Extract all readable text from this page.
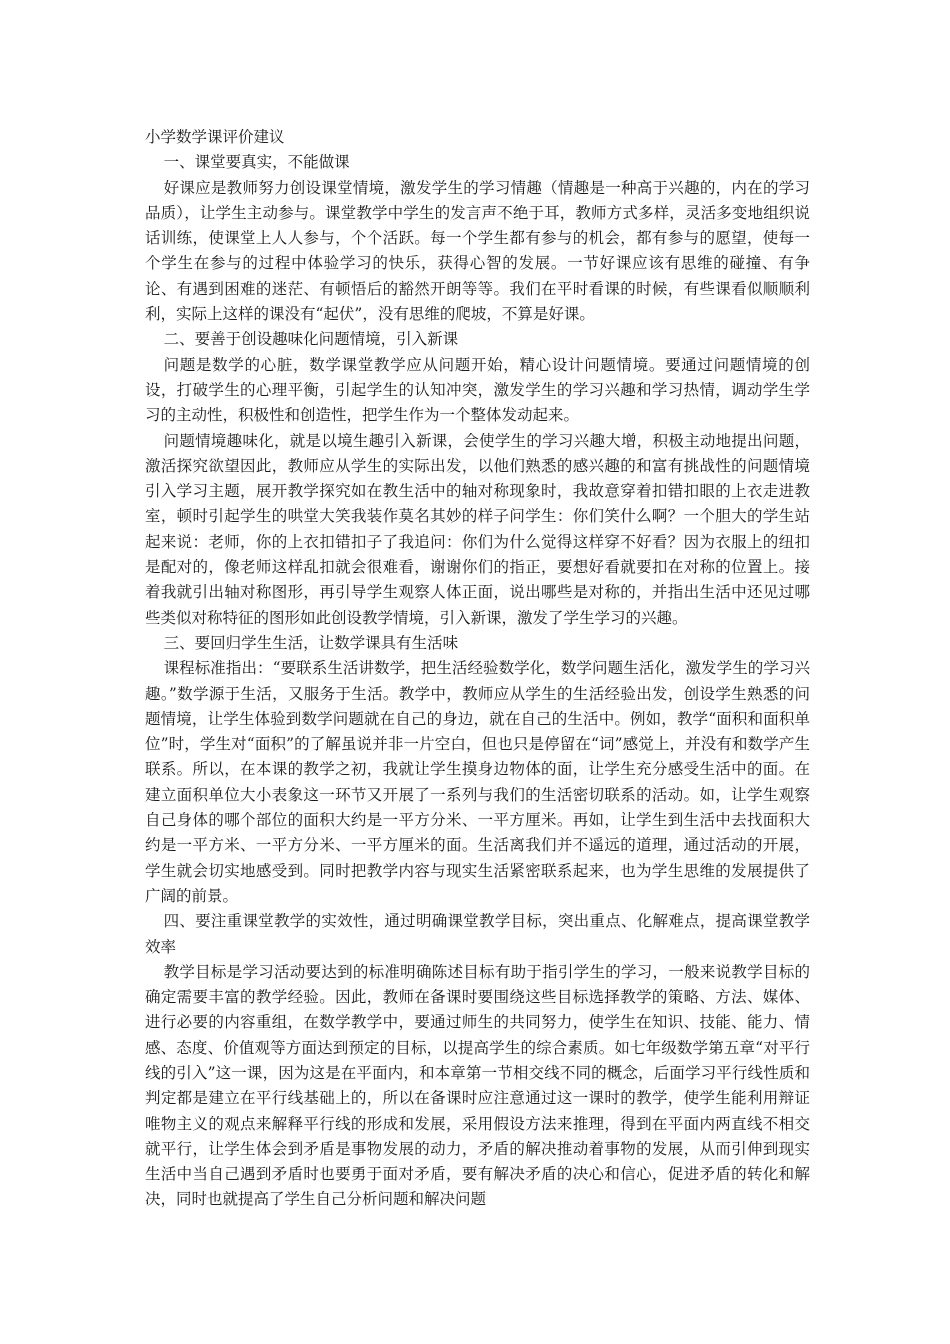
小学数学课评价建议

一、课堂要真实，不能做课

好课应是教师努力创设课堂情境，激发学生的学习情趣（情趣是一种高于兴趣的，内在的学习品质），让学生主动参与。课堂教学中学生的发言声不绝于耳，教师方式多样，灵活多变地组织说话训练，使课堂上人人参与，个个活跃。每一个学生都有参与的机会，都有参与的愿望，使每一个学生在参与的过程中体验学习的快乐，获得心智的发展。一节好课应该有思维的碰撞、有争论、有遇到困难的迷茫、有顿悟后的豁然开朗等等。我们在平时看课的时候，有些课看似顺顺利利，实际上这样的课没有“起伏”，没有思维的爬坡，不算是好课。

二、要善于创设趣味化问题情境，引入新课

问题是数学的心脏，数学课堂教学应从问题开始，精心设计问题情境。要通过问题情境的创设，打破学生的心理平衡，引起学生的认知冲突，激发学生的学习兴趣和学习热情，调动学生学习的主动性，积极性和创造性，把学生作为一个整体发动起来。

问题情境趣味化，就是以境生趣引入新课，会使学生的学习兴趣大增，积极主动地提出问题，激活探究欲望因此，教师应从学生的实际出发，以他们熟悉的感兴趣的和富有挑战性的问题情境引入学习主题，展开教学探究如在教生活中的轴对称现象时，我故意穿着扣错扣眼的上衣走进教室，顿时引起学生的哄堂大笑我装作莫名其妙的样子问学生：你们笑什么啊？一个胆大的学生站起来说：老师，你的上衣扣错扣子了我追问：你们为什么觉得这样穿不好看？因为衣服上的纽扣是配对的，像老师这样乱扣就会很难看，谢谢你们的指正，要想好看就要扣在对称的位置上。接着我就引出轴对称图形，再引导学生观察人体正面，说出哪些是对称的，并指出生活中还见过哪些类似对称特征的图形如此创设教学情境，引入新课，激发了学生学习的兴趣。

三、要回归学生生活，让数学课具有生活味

课程标准指出：“要联系生活讲数学，把生活经验数学化，数学问题生活化，激发学生的学习兴趣。”数学源于生活，又服务于生活。教学中，教师应从学生的生活经验出发，创设学生熟悉的问题情境，让学生体验到数学问题就在自己的身边，就在自己的生活中。例如，教学“面积和面积单位”时，学生对“面积”的了解虽说并非一片空白，但也只是停留在“词”感觉上，并没有和数学产生联系。所以，在本课的教学之初，我就让学生摸身边物体的面，让学生充分感受生活中的面。在建立面积单位大小表象这一环节又开展了一系列与我们的生活密切联系的活动。如，让学生观察自己身体的哪个部位的面积大约是一平方分米、一平方厘米。再如，让学生到生活中去找面积大约是一平方米、一平方分米、一平方厘米的面。生活离我们并不遥远的道理，通过活动的开展，学生就会切实地感受到。同时把教学内容与现实生活紧密联系起来，也为学生思维的发展提供了广阔的前景。

四、要注重课堂教学的实效性，通过明确课堂教学目标，突出重点、化解难点，提高课堂教学效率

教学目标是学习活动要达到的标准明确陈述目标有助于指引学生的学习，一般来说教学目标的确定需要丰富的教学经验。因此，教师在备课时要围绕这些目标选择教学的策略、方法、媒体、进行必要的内容重组，在数学教学中，要通过师生的共同努力，使学生在知识、技能、能力、情感、态度、价值观等方面达到预定的目标，以提高学生的综合素质。如七年级数学第五章“对平行线的引入”这一课，因为这是在平面内，和本章第一节相交线不同的概念，后面学习平行线性质和判定都是建立在平行线基础上的，所以在备课时应注意通过这一课时的教学，使学生能利用辩证唯物主义的观点来解释平行线的形成和发展，采用假设方法来推理，得到在平面内两直线不相交就平行，让学生体会到矛盾是事物发展的动力，矛盾的解决推动着事物的发展，从而引伸到现实生活中当自己遇到矛盾时也要勇于面对矛盾，要有解决矛盾的决心和信心，促进矛盾的转化和解决，同时也就提高了学生自己分析问题和解决问题
